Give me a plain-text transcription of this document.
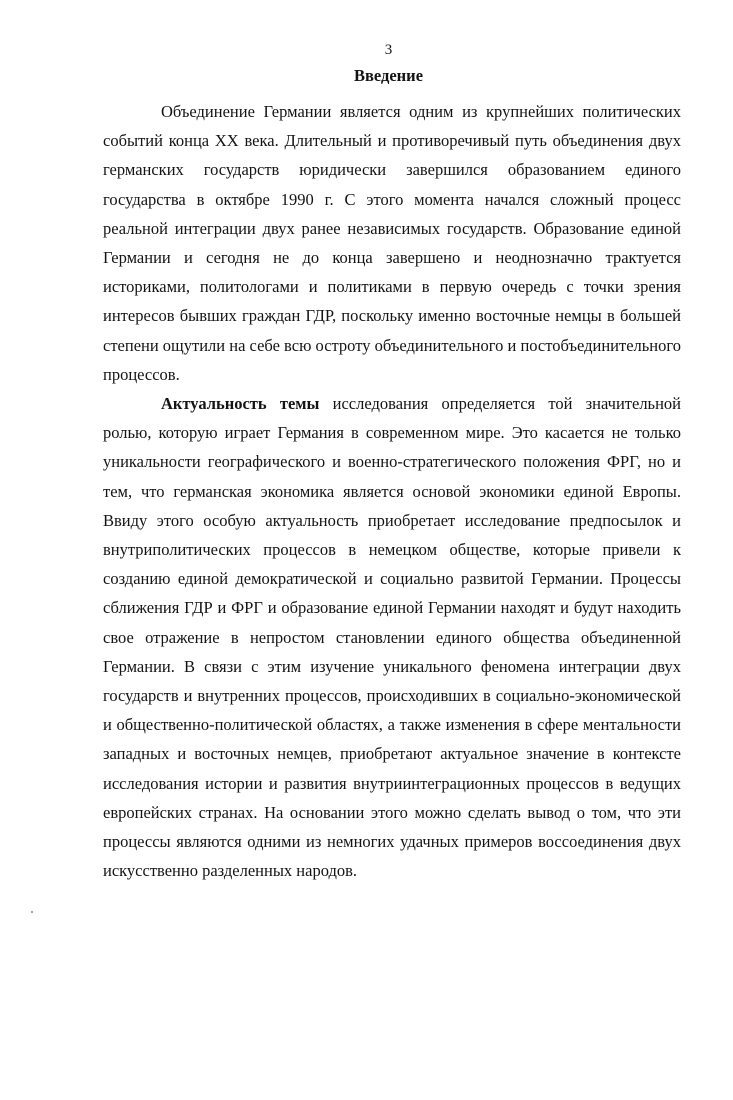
3
Введение

Объединение Германии является одним из крупнейших политических событий конца XX века. Длительный и противоречивый путь объединения двух германских государств юридически завершился образованием единого государства в октябре 1990 г. С этого момента начался сложный процесс реальной интеграции двух ранее независимых государств. Образование единой Германии и сегодня не до конца завершено и неоднозначно трактуется историками, политологами и политиками в первую очередь с точки зрения интересов бывших граждан ГДР, поскольку именно восточные немцы в большей степени ощутили на себе всю остроту объединительного и постобъединительного процессов.

Актуальность темы исследования определяется той значительной ролью, которую играет Германия в современном мире. Это касается не только уникальности географического и военно-стратегического положения ФРГ, но и тем, что германская экономика является основой экономики единой Европы. Ввиду этого особую актуальность приобретает исследование предпосылок и внутриполитических процессов в немецком обществе, которые привели к созданию единой демократической и социально развитой Германии. Процессы сближения ГДР и ФРГ и образование единой Германии находят и будут находить свое отражение в непростом становлении единого общества объединенной Германии. В связи с этим изучение уникального феномена интеграции двух государств и внутренних процессов, происходивших в социально-экономической и общественно-политической областях, а также изменения в сфере ментальности западных и восточных немцев, приобретают актуальное значение в контексте исследования истории и развития внутриинтеграционных процессов в ведущих европейских странах. На основании этого можно сделать вывод о том, что эти процессы являются одними из немногих удачных примеров воссоединения двух искусственно разделенных народов.
